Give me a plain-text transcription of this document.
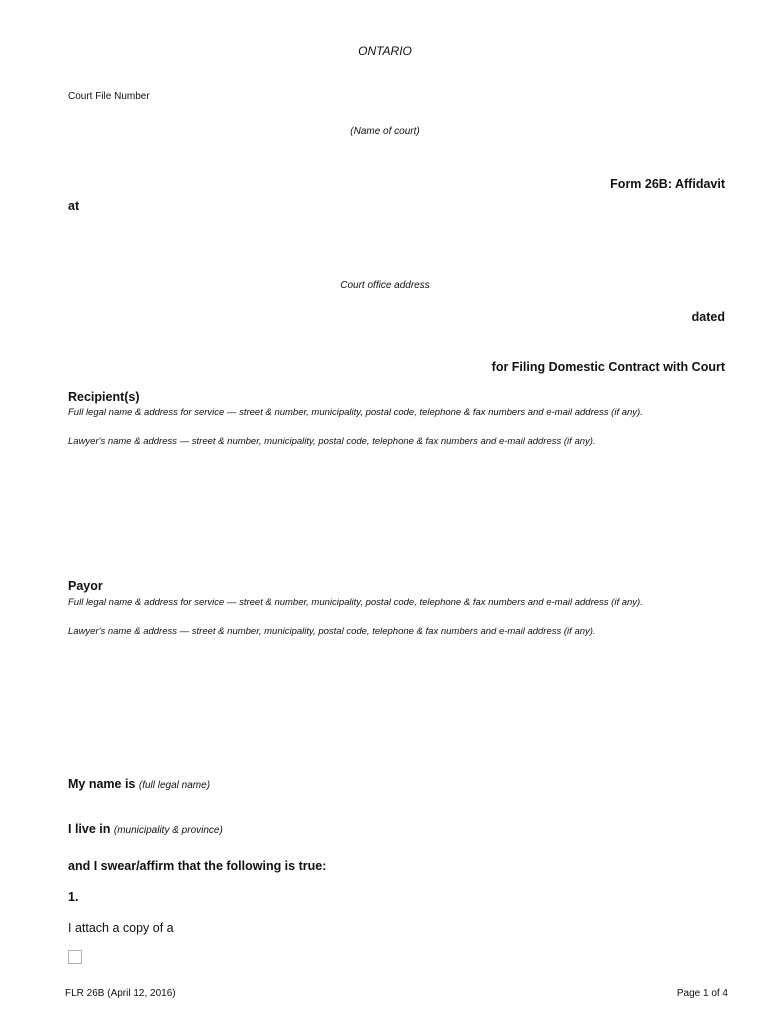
ONTARIO
Court File Number
(Name of court)
Form 26B: Affidavit
at
Court office address
dated
for Filing Domestic Contract with Court
Recipient(s)
Full legal name & address for service — street & number, municipality, postal code, telephone & fax numbers and e-mail address (if any).
Lawyer's name & address — street & number, municipality, postal code, telephone & fax numbers and e-mail address (if any).
Payor
Full legal name & address for service — street & number, municipality, postal code, telephone & fax numbers and e-mail address (if any).
Lawyer's name & address — street & number, municipality, postal code, telephone & fax numbers and e-mail address (if any).
My name is (full legal name)
I live in (municipality & province)
and I swear/affirm that the following is true:
1.
I attach a copy of a
FLR 26B (April 12, 2016)	Page 1 of 4
